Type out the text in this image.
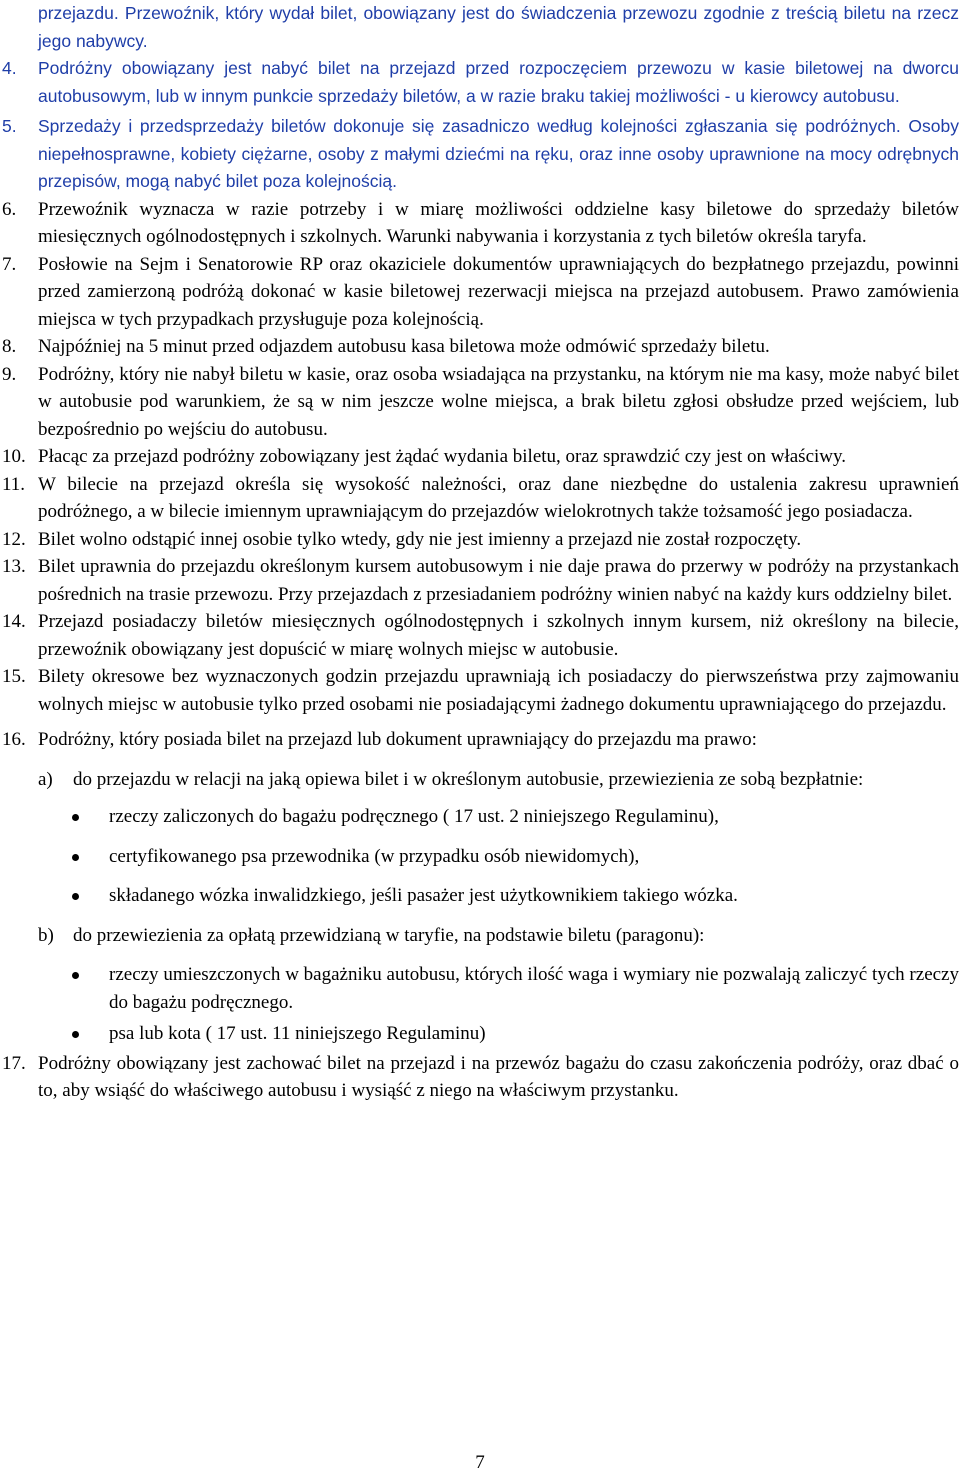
przejazdu. Przewoźnik, który wydał bilet, obowiązany jest do świadczenia przewozu zgodnie z treścią biletu na rzecz jego nabywcy.

4. Podróżny obowiązany jest nabyć bilet na przejazd przed rozpoczęciem przewozu w kasie biletowej na dworcu autobusowym, lub w innym punkcie sprzedaży biletów, a w razie braku takiej możliwości - u kierowcy autobusu.

5. Sprzedaży i przedsprzedaży biletów dokonuje się zasadniczo według kolejności zgłaszania się podróżnych. Osoby niepełnosprawne, kobiety ciężarne, osoby z małymi dziećmi na ręku, oraz inne osoby uprawnione na mocy odrębnych przepisów, mogą nabyć bilet poza kolejnością.

6. Przewoźnik wyznacza w razie potrzeby i w miarę możliwości oddzielne kasy biletowe do sprzedaży biletów miesięcznych ogólnodostępnych i szkolnych. Warunki nabywania i korzystania z tych biletów określa taryfa.

7. Posłowie na Sejm i Senatorowie RP oraz okaziciele dokumentów uprawniających do bezpłatnego przejazdu, powinni przed zamierzoną podróżą dokonać w kasie biletowej rezerwacji miejsca na przejazd autobusem. Prawo zamówienia miejsca w tych przypadkach przysługuje poza kolejnością.

8. Najpóźniej na 5 minut przed odjazdem autobusu kasa biletowa może odmówić sprzedaży biletu.

9. Podróżny, który nie nabył biletu w kasie, oraz osoba wsiadająca na przystanku, na którym nie ma kasy, może nabyć bilet w autobusie pod warunkiem, że są w nim jeszcze wolne miejsca, a brak biletu zgłosi obsłudze przed wejściem, lub bezpośrednio po wejściu do autobusu.

10. Płacąc za przejazd podróżny zobowiązany jest żądać wydania biletu, oraz sprawdzić czy jest on właściwy.

11. W bilecie na przejazd określa się wysokość należności, oraz dane niezbędne do ustalenia zakresu uprawnień podróżnego, a w bilecie imiennym uprawniającym do przejazdów wielokrotnych także tożsamość jego posiadacza.

12. Bilet wolno odstąpić innej osobie tylko wtedy, gdy nie jest imienny a przejazd nie został rozpoczęty.

13. Bilet uprawnia do przejazdu określonym kursem autobusowym i nie daje prawa do przerwy w podróży na przystankach pośrednich na trasie przewozu. Przy przejazdach z przesiadaniem podróżny winien nabyć na każdy kurs oddzielny bilet.

14. Przejazd posiadaczy biletów miesięcznych ogólnodostępnych i szkolnych innym kursem, niż określony na bilecie, przewoźnik obowiązany jest dopuścić w miarę wolnych miejsc w autobusie.

15. Bilety okresowe bez wyznaczonych godzin przejazdu uprawniają ich posiadaczy do pierwszeństwa przy zajmowaniu wolnych miejsc w autobusie tylko przed osobami nie posiadającymi żadnego dokumentu uprawniającego do przejazdu.

16. Podróżny, który posiada bilet na przejazd lub dokument uprawniający do przejazdu ma prawo:

a) do przejazdu w relacji na jaką opiewa bilet i w określonym autobusie, przewiezienia ze sobą bezpłatnie:

rzeczy zaliczonych do bagażu podręcznego ( 17 ust. 2 niniejszego Regulaminu),
certyfikowanego psa przewodnika (w przypadku osób niewidomych),
składanego wózka inwalidzkiego, jeśli pasażer jest użytkownikiem takiego wózka.
b) do przewiezienia za opłatą przewidzianą w taryfie, na podstawie biletu (paragonu):

rzeczy umieszczonych w bagażniku autobusu, których ilość waga i wymiary nie pozwalają zaliczyć tych rzeczy do bagażu podręcznego.
psa lub kota ( 17 ust. 11 niniejszego Regulaminu)
17. Podróżny obowiązany jest zachować bilet na przejazd i na przewóz bagażu do czasu zakończenia podróży, oraz dbać o to, aby wsiąść do właściwego autobusu i wysiąść z niego na właściwym przystanku.

7
